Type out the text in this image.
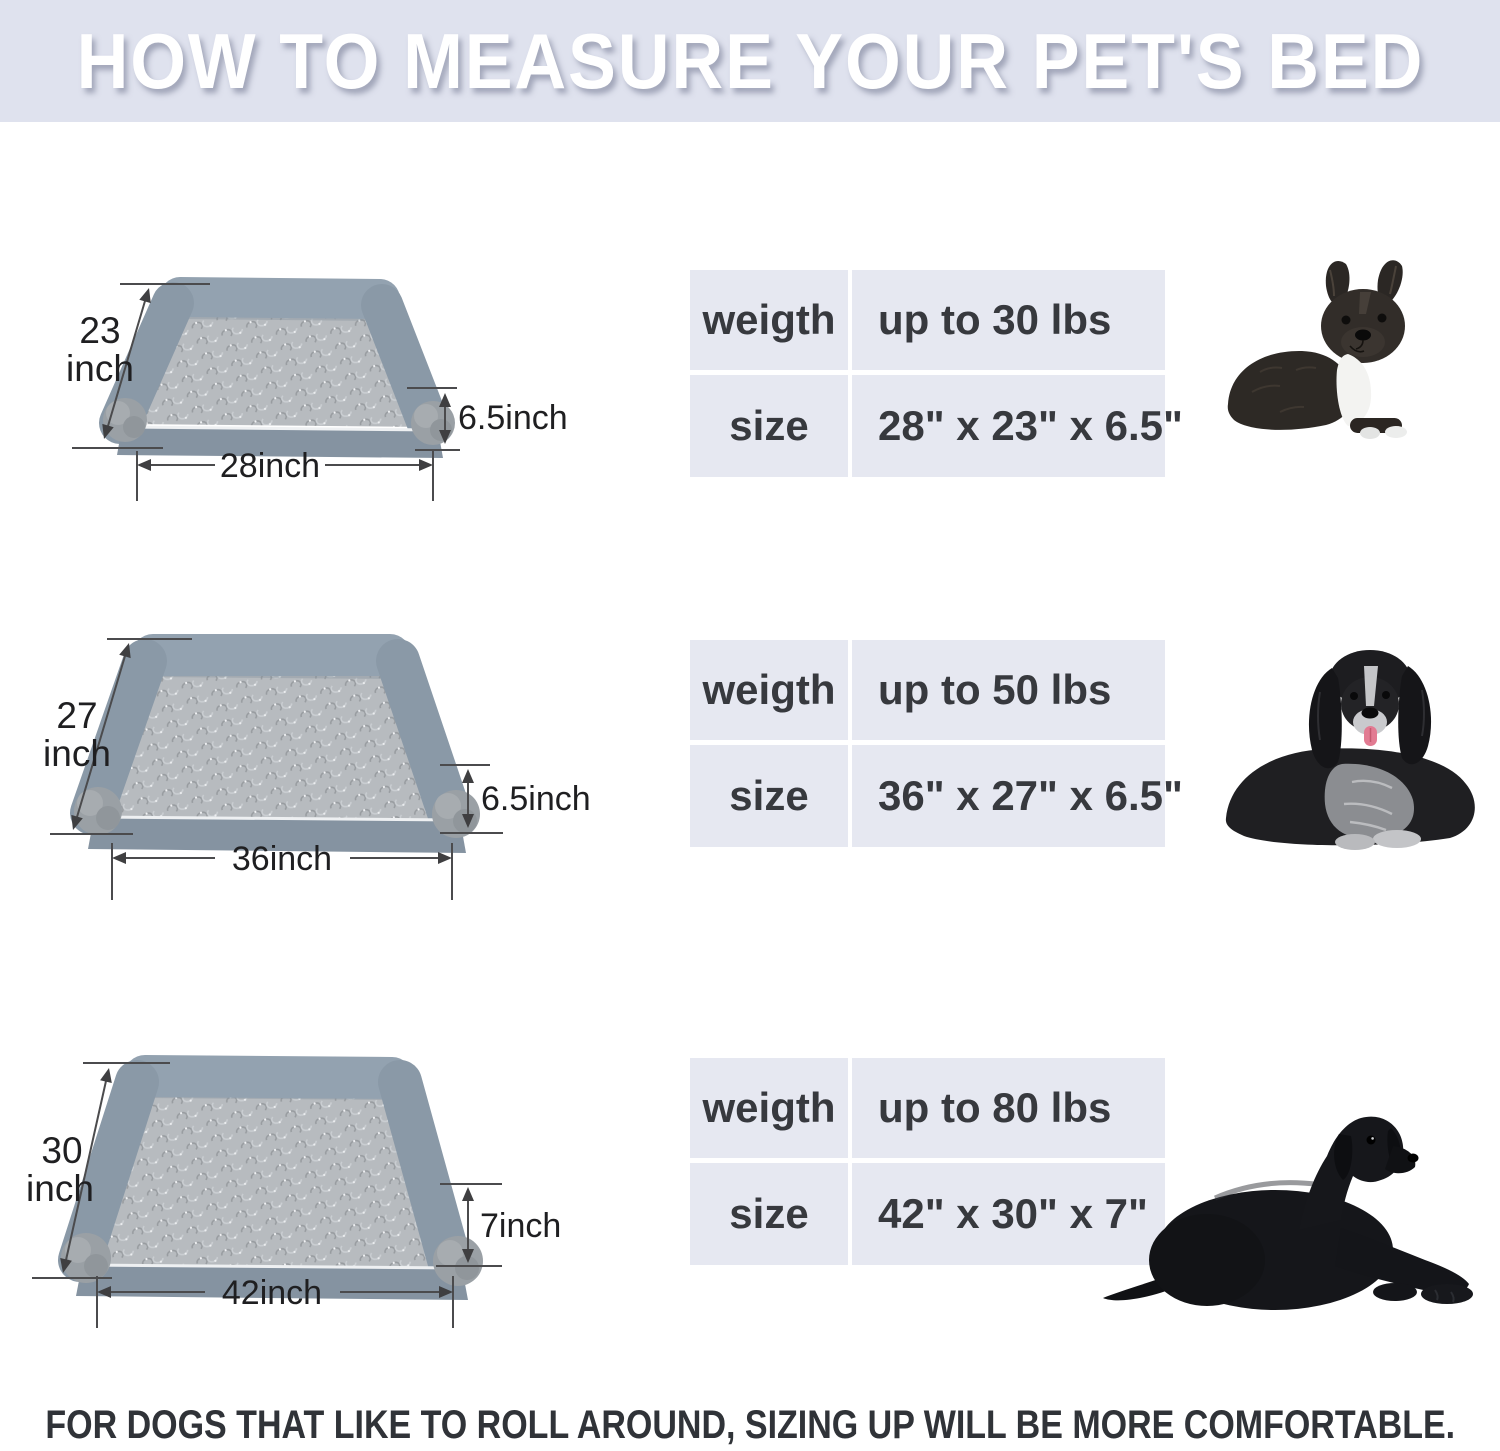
HOW TO MEASURE YOUR PET'S BED
23
inch
28inch
6.5inch
weigth	up to 30 lbs
size	28" x 23" x 6.5"
27
inch
36inch
6.5inch
weigth	up to 50 lbs
size	36" x 27" x 6.5"
30
inch
42inch
7inch
weigth	up to 80 lbs
size	42" x 30" x 7"
FOR DOGS THAT LIKE TO ROLL AROUND, SIZING UP WILL BE MORE COMFORTABLE.
